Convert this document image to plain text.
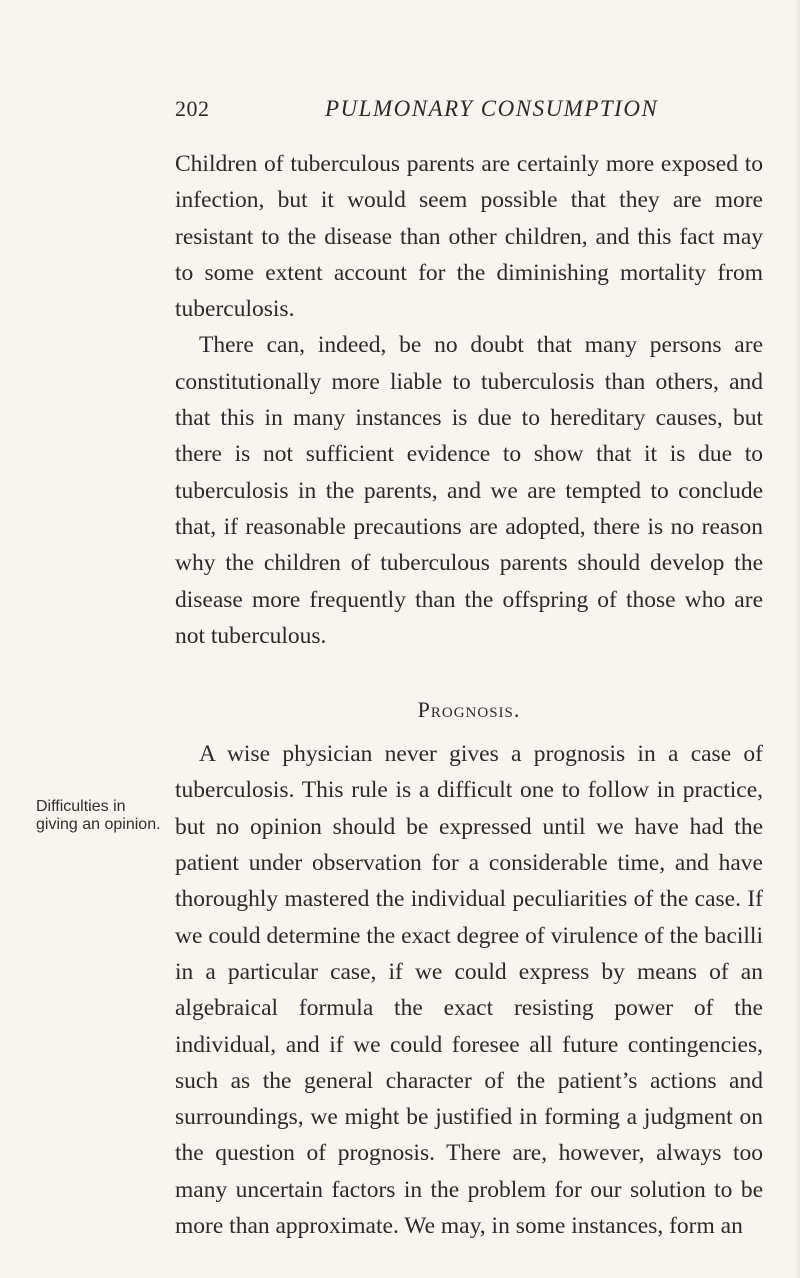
202	PULMONARY CONSUMPTION

Children of tuberculous parents are certainly more exposed to infection, but it would seem possible that they are more resistant to the disease than other children, and this fact may to some extent account for the diminishing mortality from tuberculosis.

There can, indeed, be no doubt that many persons are constitutionally more liable to tuberculosis than others, and that this in many instances is due to hereditary causes, but there is not sufficient evidence to show that it is due to tuberculosis in the parents, and we are tempted to conclude that, if reasonable precautions are adopted, there is no reason why the children of tuberculous parents should develop the disease more frequently than the offspring of those who are not tuberculous.

Prognosis.

A wise physician never gives a prognosis in a case of tuberculosis. This rule is a difficult one to follow in practice, but no opinion should be expressed until we have had the patient under observation for a considerable time, and have thoroughly mastered the individual peculiarities of the case. If we could determine the exact degree of virulence of the bacilli in a particular case, if we could express by means of an algebraical formula the exact resisting power of the individual, and if we could foresee all future contingencies, such as the general character of the patient’s actions and surroundings, we might be justified in forming a judgment on the question of prognosis. There are, however, always too many uncertain factors in the problem for our solution to be more than approximate. We may, in some instances, form an

Difficulties in giving an opinion.
